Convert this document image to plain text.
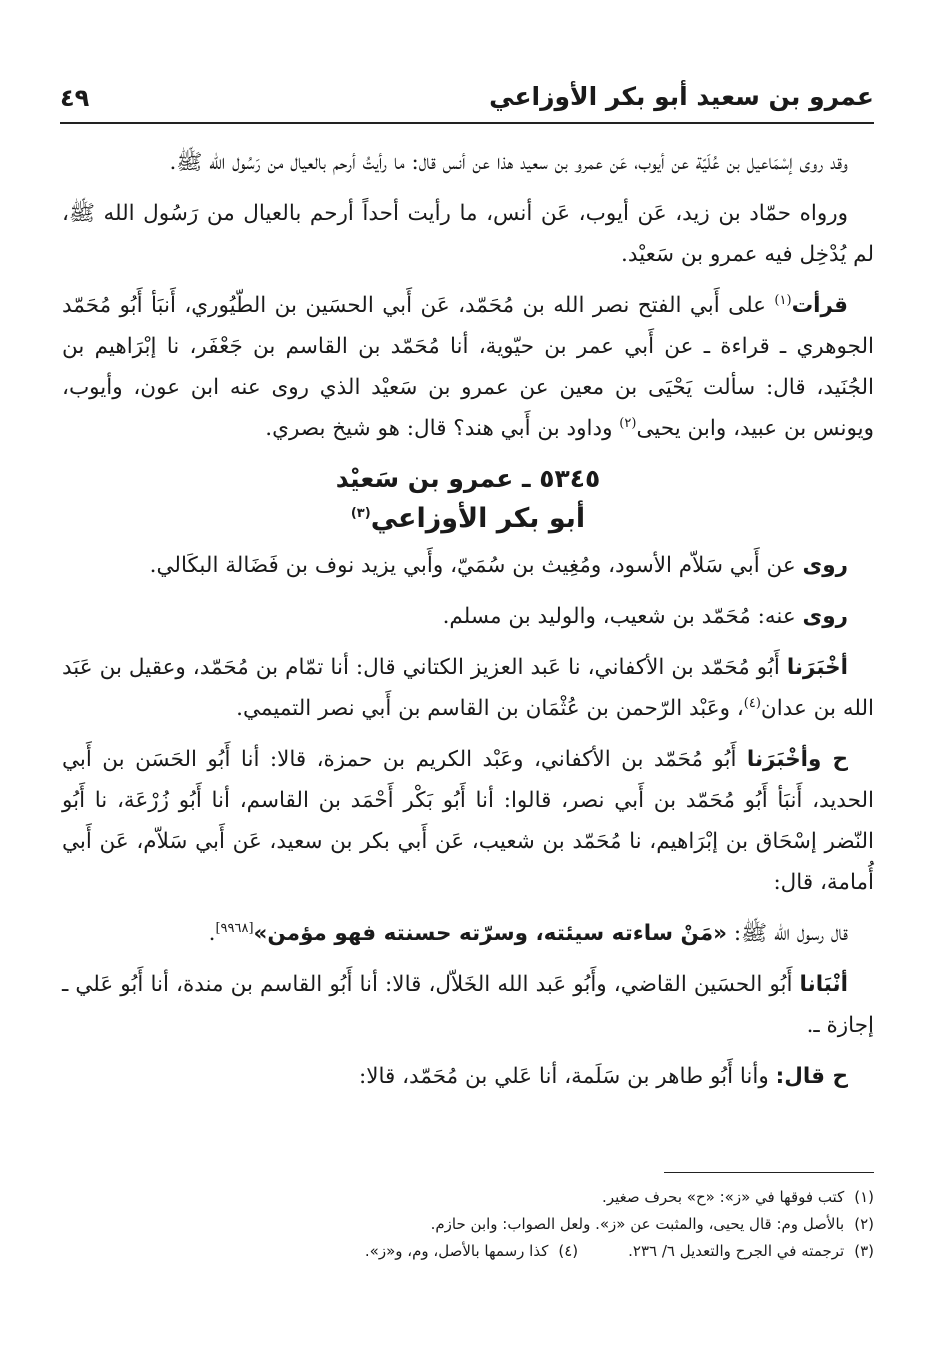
عمرو بن سعيد أبو بكر الأوزاعي
٤٩

وقد روى إسْمَاعيل بن عُلَيّة عن أيوب، عَن عمرو بن سعيد هذا عن أنس قال: ما رأيتُ أرحم بالعيال من رَسُول الله ﷺ.

ورواه حمّاد بن زيد، عَن أيوب، عَن أنس، ما رأيت أحداً أرحم بالعيال من رَسُول الله ﷺ، لم يُدْخِل فيه عمرو بن سَعيْد.

قرأت$^{(١)}$ على أَبي الفتح نصر الله بن مُحَمّد، عَن أَبي الحسَين بن الطّيُوري، أَنبَأ أَبُو مُحَمّد الجوهري ـ قراءة ـ عن أَبي عمر بن حيّوية، أنا مُحَمّد بن القاسم بن جَعْفَر، نا إبْرَاهيم بن الجُنَيد، قال: سألت يَحْيَى بن معين عن عمرو بن سَعيْد الذي روى عنه ابن عون، وأيوب، ويونس بن عبيد، وابن يحيى$^{(٢)}$ وداود بن أَبي هند؟ قال: هو شيخ بصري.

٥٣٤٥ ـ عمرو بن سَعيْد
أبو بكر الأوزاعي$^{(٣)}$

روى عن أَبي سَلاّم الأسود، ومُغِيث بن سُمَيّ، وأَبي يزيد نوف بن فَضَالة البكَالي.

روى عنه: مُحَمّد بن شعيب، والوليد بن مسلم.

أخْبَرَنا أَبُو مُحَمّد بن الأكفاني، نا عَبد العزيز الكتاني قال: أنا تمّام بن مُحَمّد، وعقيل بن عَبَد الله بن عدان$^{(٤)}$، وعَبْد الرّحمن بن عُثْمَان بن القاسم بن أَبي نصر التميمي.

ح وأخْبَرَنا أَبُو مُحَمّد بن الأكفاني، وعَبْد الكريم بن حمزة، قالا: أنا أَبُو الحَسَن بن أَبي الحديد، أَنبَأ أَبُو مُحَمّد بن أَبي نصر، قالوا: أنا أَبُو بَكْر أَحْمَد بن القاسم، أنا أَبُو زُرْعَة، نا أَبُو النّضر إسْحَاق بن إبْرَاهيم، نا مُحَمّد بن شعيب، عَن أَبي بكر بن سعيد، عَن أَبي سَلاّم، عَن أَبي أُمامة، قال:

قال رسول الله ﷺ: «مَنْ ساءته سيئته، وسرّته حسنته فهو مؤمن»[٩٩٦٨].

أنْبَانا أَبُو الحسَين القاضي، وأَبُو عَبد الله الخَلاّل، قالا: أنا أَبُو القاسم بن مندة، أنا أَبُو عَلي ـ إجازة ـ.

ح قال: وأنا أَبُو طاهر بن سَلَمة، أنا عَلي بن مُحَمّد، قالا:

(١)كتب فوقها في «ز»: «ح» بحرف صغير.

(٢)بالأصل وم: قال يحيى، والمثبت عن «ز». ولعل الصواب: وابن حازم.

(٣)ترجمته في الجرح والتعديل ٦/ ٢٣٦.

(٤)كذا رسمها بالأصل، وم، و«ز».
